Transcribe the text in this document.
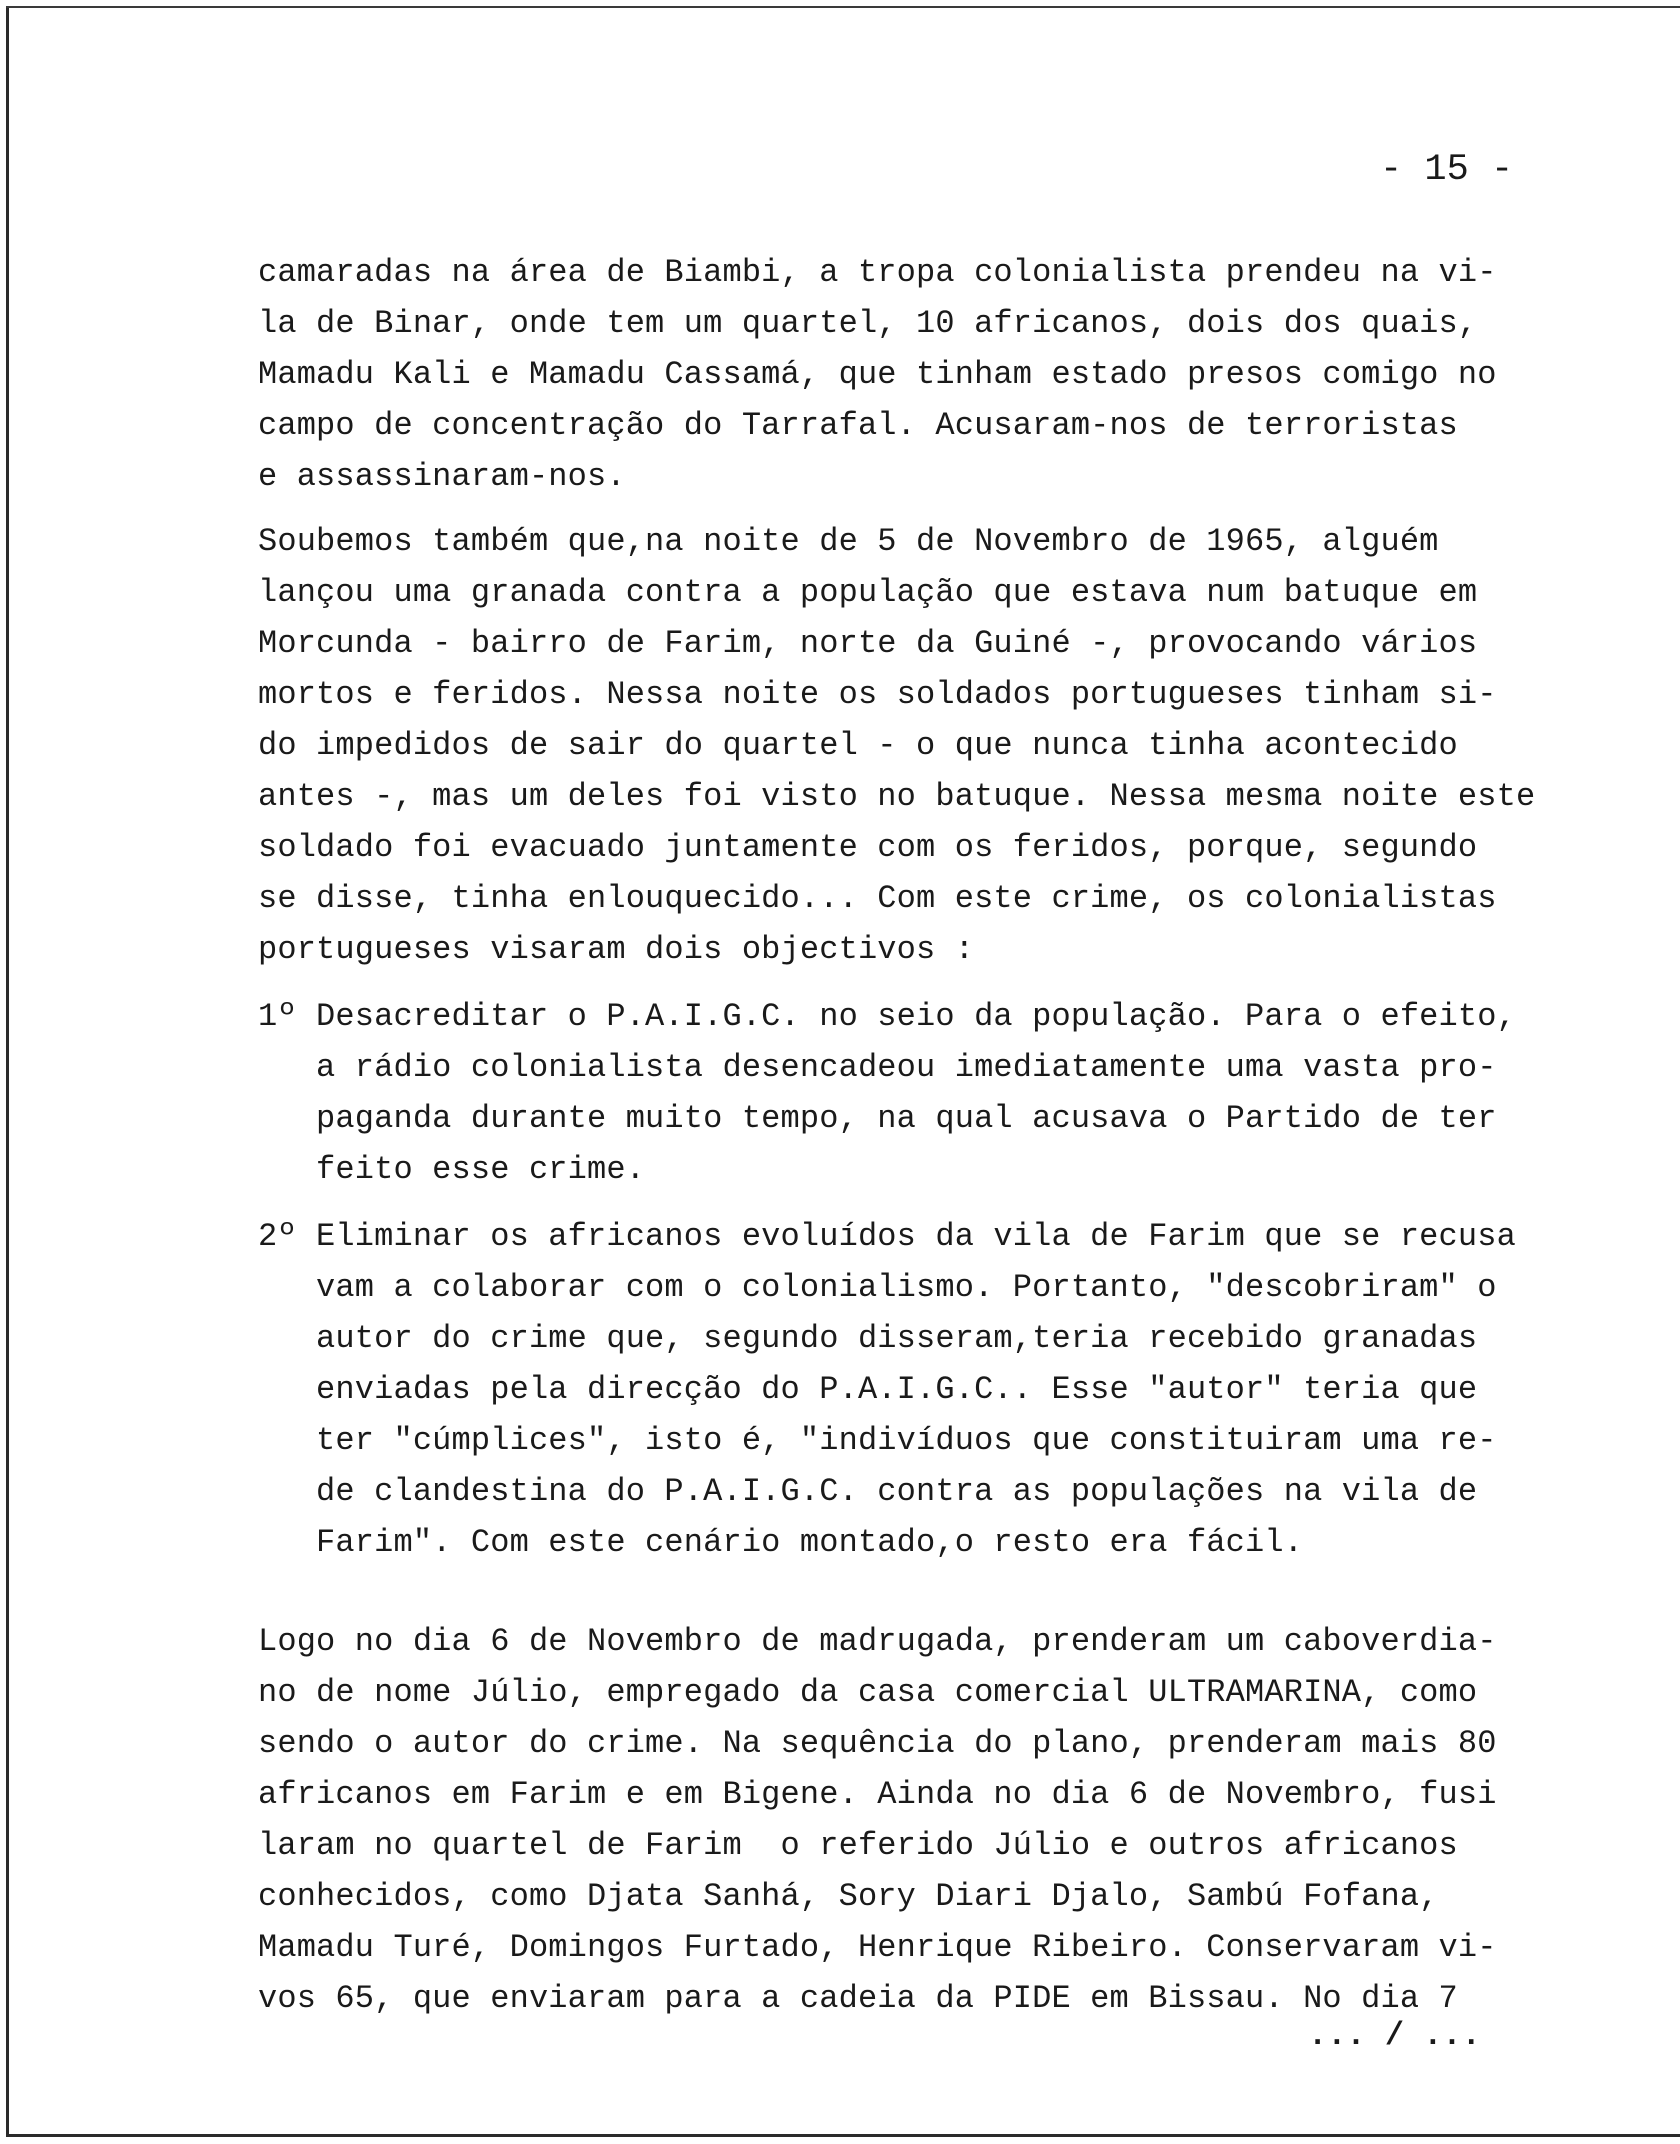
- 15 -
camaradas na área de Biambi, a tropa colonialista prendeu na vi-
la de Binar, onde tem um quartel, 10 africanos, dois dos quais,
Mamadu Kali e Mamadu Cassamá, que tinham estado presos comigo no
campo de concentração do Tarrafal. Acusaram-nos de terroristas
e assassinaram-nos.
Soubemos também que,na noite de 5 de Novembro de 1965, alguém
lançou uma granada contra a população que estava num batuque em
Morcunda - bairro de Farim, norte da Guiné -, provocando vários
mortos e feridos. Nessa noite os soldados portugueses tinham si-
do impedidos de sair do quartel - o que nunca tinha acontecido
antes -, mas um deles foi visto no batuque. Nessa mesma noite este
soldado foi evacuado juntamente com os feridos, porque, segundo
se disse, tinha enlouquecido... Com este crime, os colonialistas
portugueses visaram dois objectivos :
1º Desacreditar o P.A.I.G.C. no seio da população. Para o efeito,
a rádio colonialista desencadeou imediatamente uma vasta pro-
paganda durante muito tempo, na qual acusava o Partido de ter
feito esse crime.
2º Eliminar os africanos evoluídos da vila de Farim que se recusa
vam a colaborar com o colonialismo. Portanto, "descobriram" o
autor do crime que, segundo disseram,teria recebido granadas
enviadas pela direcção do P.A.I.G.C.. Esse "autor" teria que
ter "cúmplices", isto é, "indivíduos que constituiram uma re-
de clandestina do P.A.I.G.C. contra as populações na vila de
Farim". Com este cenário montado,o resto era fácil.
Logo no dia 6 de Novembro de madrugada, prenderam um caboverdia-
no de nome Júlio, empregado da casa comercial ULTRAMARINA, como
sendo o autor do crime. Na sequência do plano, prenderam mais 80
africanos em Farim e em Bigene. Ainda no dia 6 de Novembro, fusi
laram no quartel de Farim  o referido Júlio e outros africanos
conhecidos, como Djata Sanhá, Sory Diari Djalo, Sambú Fofana,
Mamadu Turé, Domingos Furtado, Henrique Ribeiro. Conservaram vi-
vos 65, que enviaram para a cadeia da PIDE em Bissau. No dia 7
... / ...
